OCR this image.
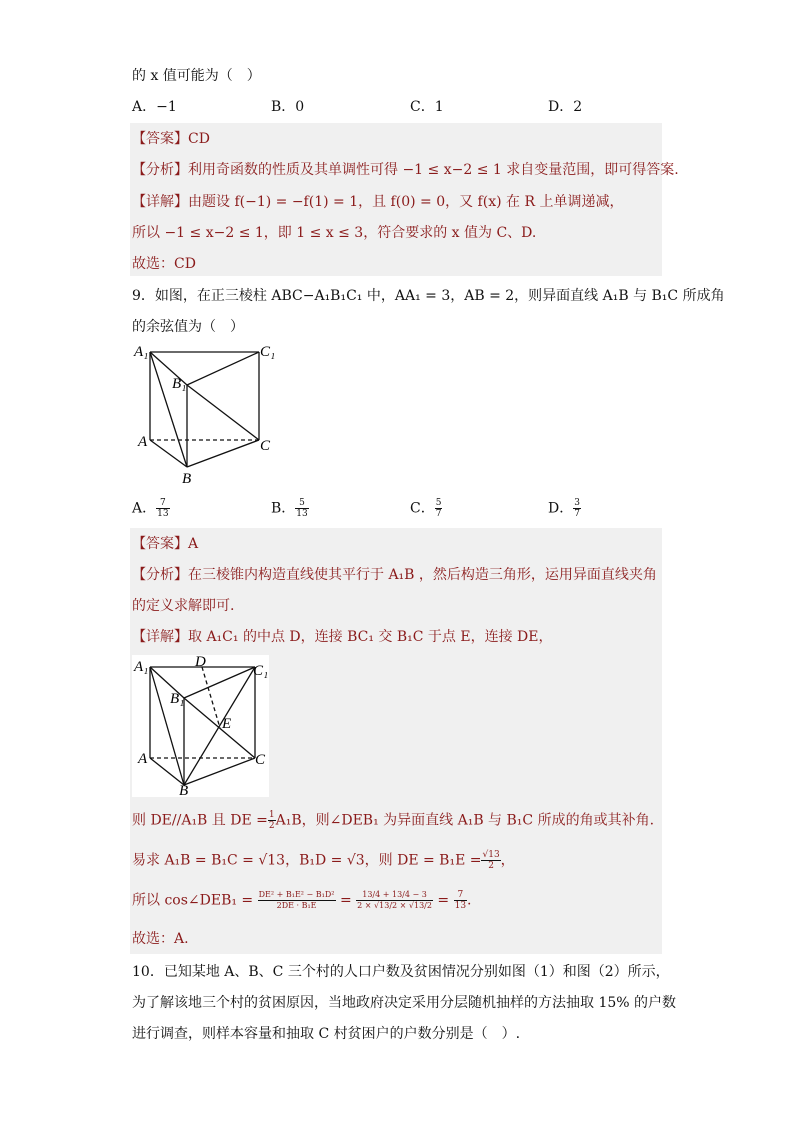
的 x 值可能为（　）
A．−1	B．0	C．1	D．2
【答案】CD
【分析】利用奇函数的性质及其单调性可得 −1 ≤ x−2 ≤ 1 求自变量范围，即可得答案.
【详解】由题设 f(−1) = −f(1) = 1，且 f(0) = 0，又 f(x) 在 R 上单调递减，
所以 −1 ≤ x−2 ≤ 1，即 1 ≤ x ≤ 3，符合要求的 x 值为 C、D.
故选：CD
9．如图，在正三棱柱 ABC−A₁B₁C₁ 中，AA₁ = 3，AB = 2，则异面直线 A₁B 与 B₁C 所成角
的余弦值为（　）
A₁	C₁
B₁
A
B
C
A． $\frac{7}{13}$	B． $\frac{5}{13}$	C． $\frac{5}{7}$	D． $\frac{3}{7}$
【答案】A
【分析】在三棱锥内构造直线使其平行于 A₁B ，然后构造三角形，运用异面直线夹角
的定义求解即可.
【详解】取 A₁C₁ 的中点 D，连接 BC₁ 交 B₁C 于点 E，连接 DE，
A₁	D
C₁
B₁
E
A
B
C
则 DE//A₁B 且 DE = $\frac{1}{2} A_1B$，则∠DEB₁ 为异面直线 A₁B 与 B₁C 所成的角或其补角.
易求 A₁B = B₁C = √13，B₁D = √3，则 DE = $B_1E = \frac{√13}{2}$ ，
所以 cos∠DEB₁ = $\frac{\text{DE² + B₁E² − B₁D²}}{\text{2DE · B₁E}} = \frac{13/4 + 13/4 - 3}{2 \times √13/2 \times √13/2} = \frac{7}{13}$ .
故选：A.
10．已知某地 A、B、C 三个村的人口户数及贫困情况分别如图（1）和图（2）所示，
为了解该地三个村的贫困原因，当地政府决定采用分层随机抽样的方法抽取 15% 的户数
进行调查，则样本容量和抽取 C 村贫困户的户数分别是（　）.
